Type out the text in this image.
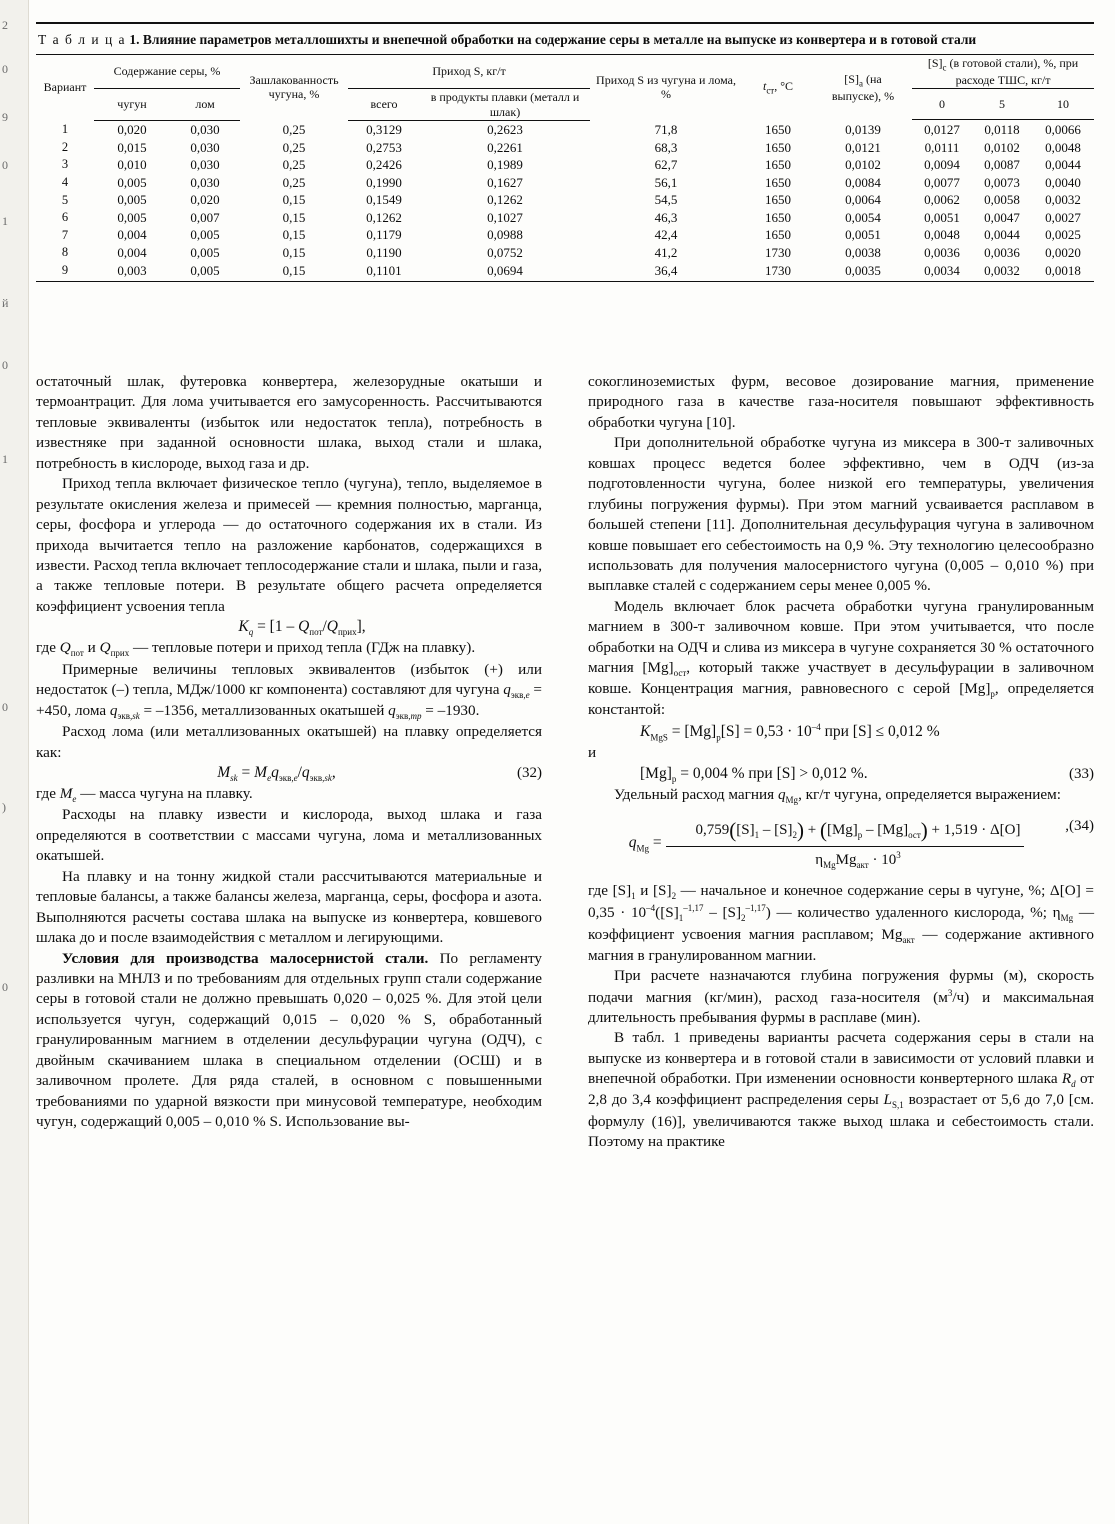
2
0
9
0
1
й
0
1
0
)
0
Т а б л и ц а 1. Влияние параметров металлошихты и внепечной обработки на содержание серы в металле на выпуске из конвертера и в готовой стали
Вариант	Содержание серы, %		Зашлакованность чугуна, %	Приход S, кг/т		Приход S из чугуна и лома, %	$t_{ст}$, °C	$[S]_а$ (на
выпуске), %	$[S]_с$ (в готовой стали), %, при
расходе ТШС, кг/т		
	чугун	лом		всего	в продукты плавки (металл и шлак)				0	5	10

1	0,020	0,030	0,25	0,3129	0,2623	71,8	1650	0,0139	0,0127	0,0118	0,0066
2	0,015	0,030	0,25	0,2753	0,2261	68,3	1650	0,0121	0,0111	0,0102	0,0048
3	0,010	0,030	0,25	0,2426	0,1989	62,7	1650	0,0102	0,0094	0,0087	0,0044
4	0,005	0,030	0,25	0,1990	0,1627	56,1	1650	0,0084	0,0077	0,0073	0,0040
5	0,005	0,020	0,15	0,1549	0,1262	54,5	1650	0,0064	0,0062	0,0058	0,0032
6	0,005	0,007	0,15	0,1262	0,1027	46,3	1650	0,0054	0,0051	0,0047	0,0027
7	0,004	0,005	0,15	0,1179	0,0988	42,4	1650	0,0051	0,0048	0,0044	0,0025
8	0,004	0,005	0,15	0,1190	0,0752	41,2	1730	0,0038	0,0036	0,0036	0,0020
9	0,003	0,005	0,15	0,1101	0,0694	36,4	1730	0,0035	0,0034	0,0032	0,0018

остаточный шлак, футеровка конвертера, железорудные окатыши и термоантрацит. Для лома учитывается его замусоренность. Рассчитываются тепловые эквиваленты (избыток или недостаток тепла), потребность в известняке при заданной основности шлака, выход стали и шлака, потребность в кислороде, выход газа и др.

Приход тепла включает физическое тепло (чугуна), тепло, выделяемое в результате окисления железа и примесей — кремния полностью, марганца, серы, фосфора и углерода — до остаточного содержания их в стали. Из прихода вычитается тепло на разложение карбонатов, содержащихся в извести. Расход тепла включает теплосодержание стали и шлака, пыли и газа, а также тепловые потери. В результате общего расчета определяется коэффициент усвоения тепла

$K_q = [1 - Q_{пот}/Q_{прих}]$,

где $Q_{пот}$ и $Q_{прих}$ — тепловые потери и приход тепла (ГДж на плавку).

Примерные величины тепловых эквивалентов (избыток (+) или недостаток (–) тепла, МДж/1000 кг компонента) составляют для чугуна $q_{экв,e} = +450$, лома $q_{экв,sk} = -1356$, металлизованных окатышей $q_{экв,mp} = -1930$.

Расход лома (или металлизованных окатышей) на плавку определяется как:

(32)
$M_{sk} = M_eq_{экв,e}/q_{экв,sk}$,

где $M_e$ — масса чугуна на плавку.

Расходы на плавку извести и кислорода, выход шлака и газа определяются в соответствии с массами чугуна, лома и металлизованных окатышей.

На плавку и на тонну жидкой стали рассчитываются материальные и тепловые балансы, а также балансы железа, марганца, серы, фосфора и азота. Выполняются расчеты состава шлака на выпуске из конвертера, ковшевого шлака до и после взаимодействия с металлом и легирующими.

Условия для производства малосернистой стали. По регламенту разливки на МНЛЗ и по требованиям для отдельных групп стали содержание серы в готовой стали не должно превышать 0,020 – 0,025 %. Для этой цели используется чугун, содержащий 0,015 – 0,020 % S, обработанный гранулированным магнием в отделении десульфурации чугуна (ОДЧ), с двойным скачиванием шлака в специальном отделении (ОСШ) и в заливочном пролете. Для ряда сталей, в основном с повышенными требованиями по ударной вязкости при минусовой температуре, необходим чугун, содержащий 0,005 – 0,010 % S. Использование вы-

сокоглиноземистых фурм, весовое дозирование магния, применение природного газа в качестве газа-носителя повышают эффективность обработки чугуна [10].

При дополнительной обработке чугуна из миксера в 300-т заливочных ковшах процесс ведется более эффективно, чем в ОДЧ (из-за подготовленности чугуна, более низкой его температуры, увеличения глубины погружения фурмы). При этом магний усваивается расплавом в большей степени [11]. Дополнительная десульфурация чугуна в заливочном ковше повышает его себестоимость на 0,9 %. Эту технологию целесообразно использовать для получения малосернистого чугуна (0,005 – 0,010 %) при выплавке сталей с содержанием серы менее 0,005 %.

Модель включает блок расчета обработки чугуна гранулированным магнием в 300-т заливочном ковше. При этом учитывается, что после обработки на ОДЧ и слива из миксера в чугуне сохраняется 30 % остаточного магния $[Mg]_{ост}$, который также участвует в десульфурации в заливочном ковше. Концентрация магния, равновесного с серой $[Mg]_р$, определяется константой:

$K_{MgS} = [Mg]_р[S] = 0,53 \cdot 10^{-4}$ при [S] ≤ 0,012 %

и

(33)
$[Mg]_р = 0,004$ % при [S] > 0,012 %.

Удельный расход магния $q_{Mg}$, кг/т чугуна, определяется выражением:

,(34)
$q_{Mg} = \frac{0,759([S]_1 - [S]_2) + ([Mg]_р - [Mg]_{ост}) + 1,519 \cdot \Delta[O]}{\eta_{Mg}Mg_{акт} \cdot 10^3}$

где $[S]_1$ и $[S]_2$ — начальное и конечное содержание серы в чугуне, %; $\Delta[O] = 0,35 \cdot 10^{-4}([S]_1^{-1,17} - [S]_2^{-1,17})$ — количество удаленного кислорода, %; $\eta_{Mg}$ — коэффициент усвоения магния расплавом; $Mg_{акт}$ — содержание активного магния в гранулированном магнии.

При расчете назначаются глубина погружения фурмы (м), скорость подачи магния (кг/мин), расход газа-носителя $(м^3/ч)$ и максимальная длительность пребывания фурмы в расплаве (мин).

В табл. 1 приведены варианты расчета содержания серы в стали на выпуске из конвертера и в готовой стали в зависимости от условий плавки и внепечной обработки. При изменении основности конвертерного шлака $R_d$ от 2,8 до 3,4 коэффициент распределения серы $L_{S,1}$ возрастает от 5,6 до 7,0 [см. формулу (16)], увеличиваются также выход шлака и себестоимость стали. Поэтому на практике
